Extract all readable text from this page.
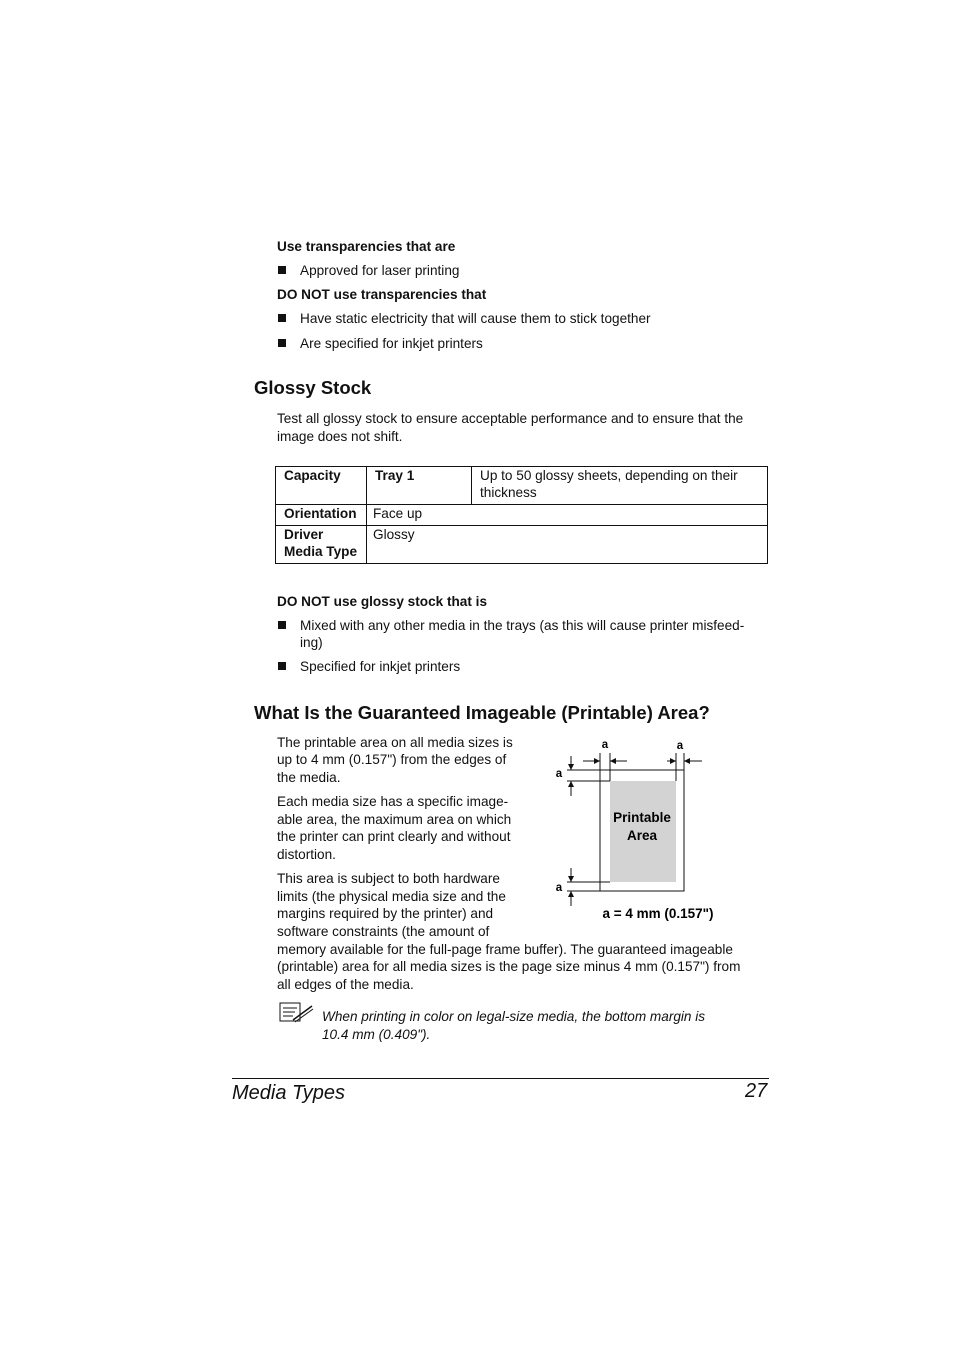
Use transparencies that are
Approved for laser printing
DO NOT use transparencies that
Have static electricity that will cause them to stick together
Are specified for inkjet printers
Glossy Stock
Test all glossy stock to ensure acceptable performance and to ensure that the
image does not shift.
Capacity	Tray 1	Up to 50 glossy sheets, depending on their
thickness

Orientation	Face up	

Driver
Media Type	Glossy	
DO NOT use glossy stock that is
Mixed with any other media in the trays (as this will cause printer misfeed-
ing)
Specified for inkjet printers
What Is the Guaranteed Imageable (Printable) Area?
The printable area on all media sizes is
up to 4 mm (0.157") from the edges of
the media.
Each media size has a specific image-
able area, the maximum area on which
the printer can print clearly and without
distortion.
This area is subject to both hardware
limits (the physical media size and the
margins required by the printer) and
software constraints (the amount of
memory available for the full-page frame buffer). The guaranteed imageable
(printable) area for all media sizes is the page size minus 4 mm (0.157") from
all edges of the media.
Printable
Area
a	a
a
a
a = 4 mm (0.157")
When printing in color on legal-size media, the bottom margin is
10.4 mm (0.409").
Media Types	27
